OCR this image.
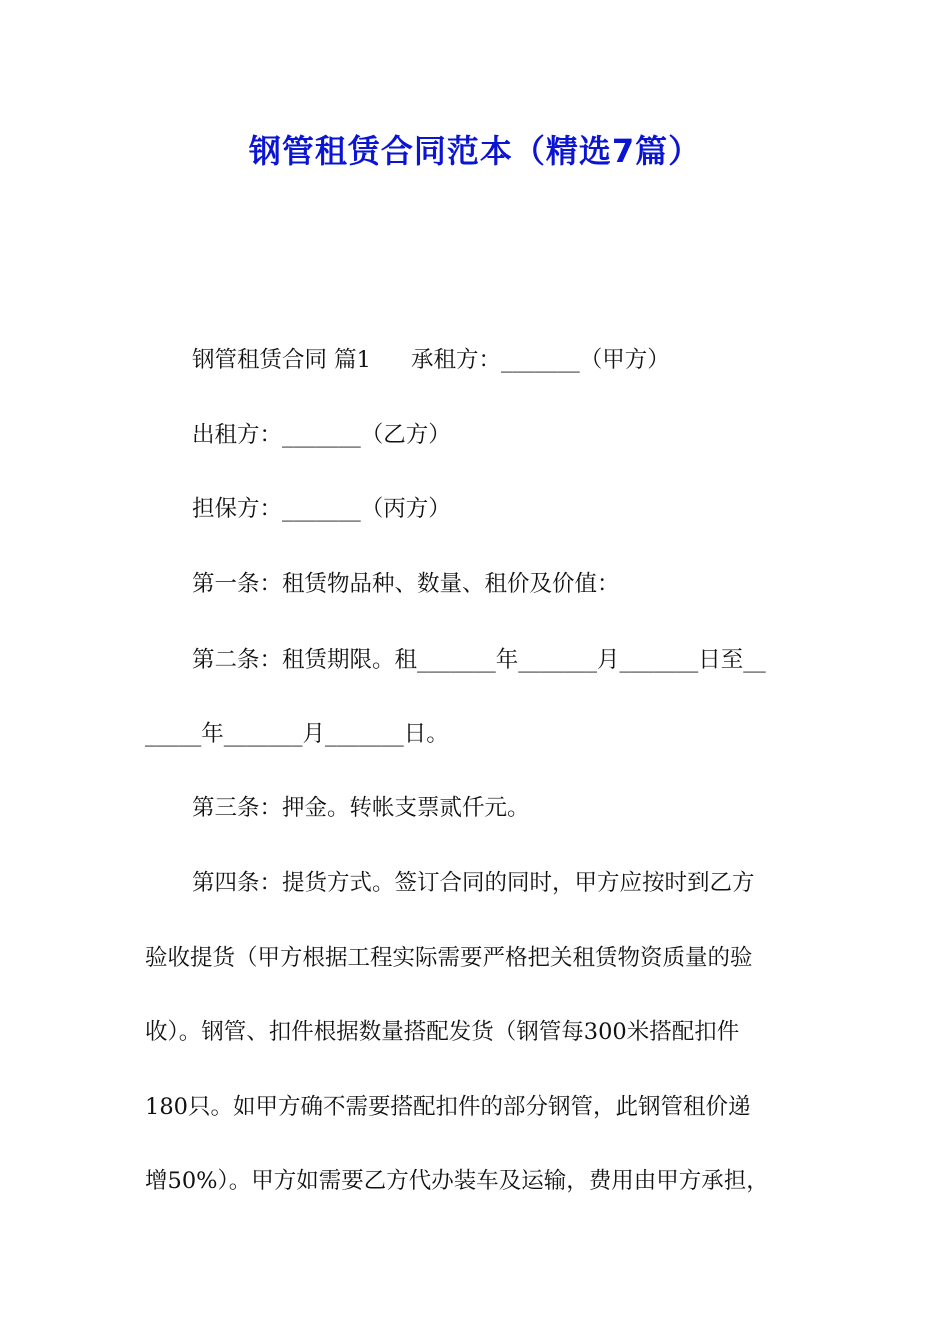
钢管租赁合同范本（精选7篇）

钢管租赁合同 篇1 承租方：_______（甲方）

出租方：_______（乙方）

担保方：_______（丙方）

第一条：租赁物品种、数量、租价及价值：

第二条：租赁期限。租_______年_______月_______日至__

_____年_______月_______日。

第三条：押金。转帐支票贰仟元。

第四条：提货方式。签订合同的同时，甲方应按时到乙方

验收提货（甲方根据工程实际需要严格把关租赁物资质量的验

收）。钢管、扣件根据数量搭配发货（钢管每300米搭配扣件

180只。如甲方确不需要搭配扣件的部分钢管，此钢管租价递

增50%）。甲方如需要乙方代办装车及运输，费用由甲方承担，
